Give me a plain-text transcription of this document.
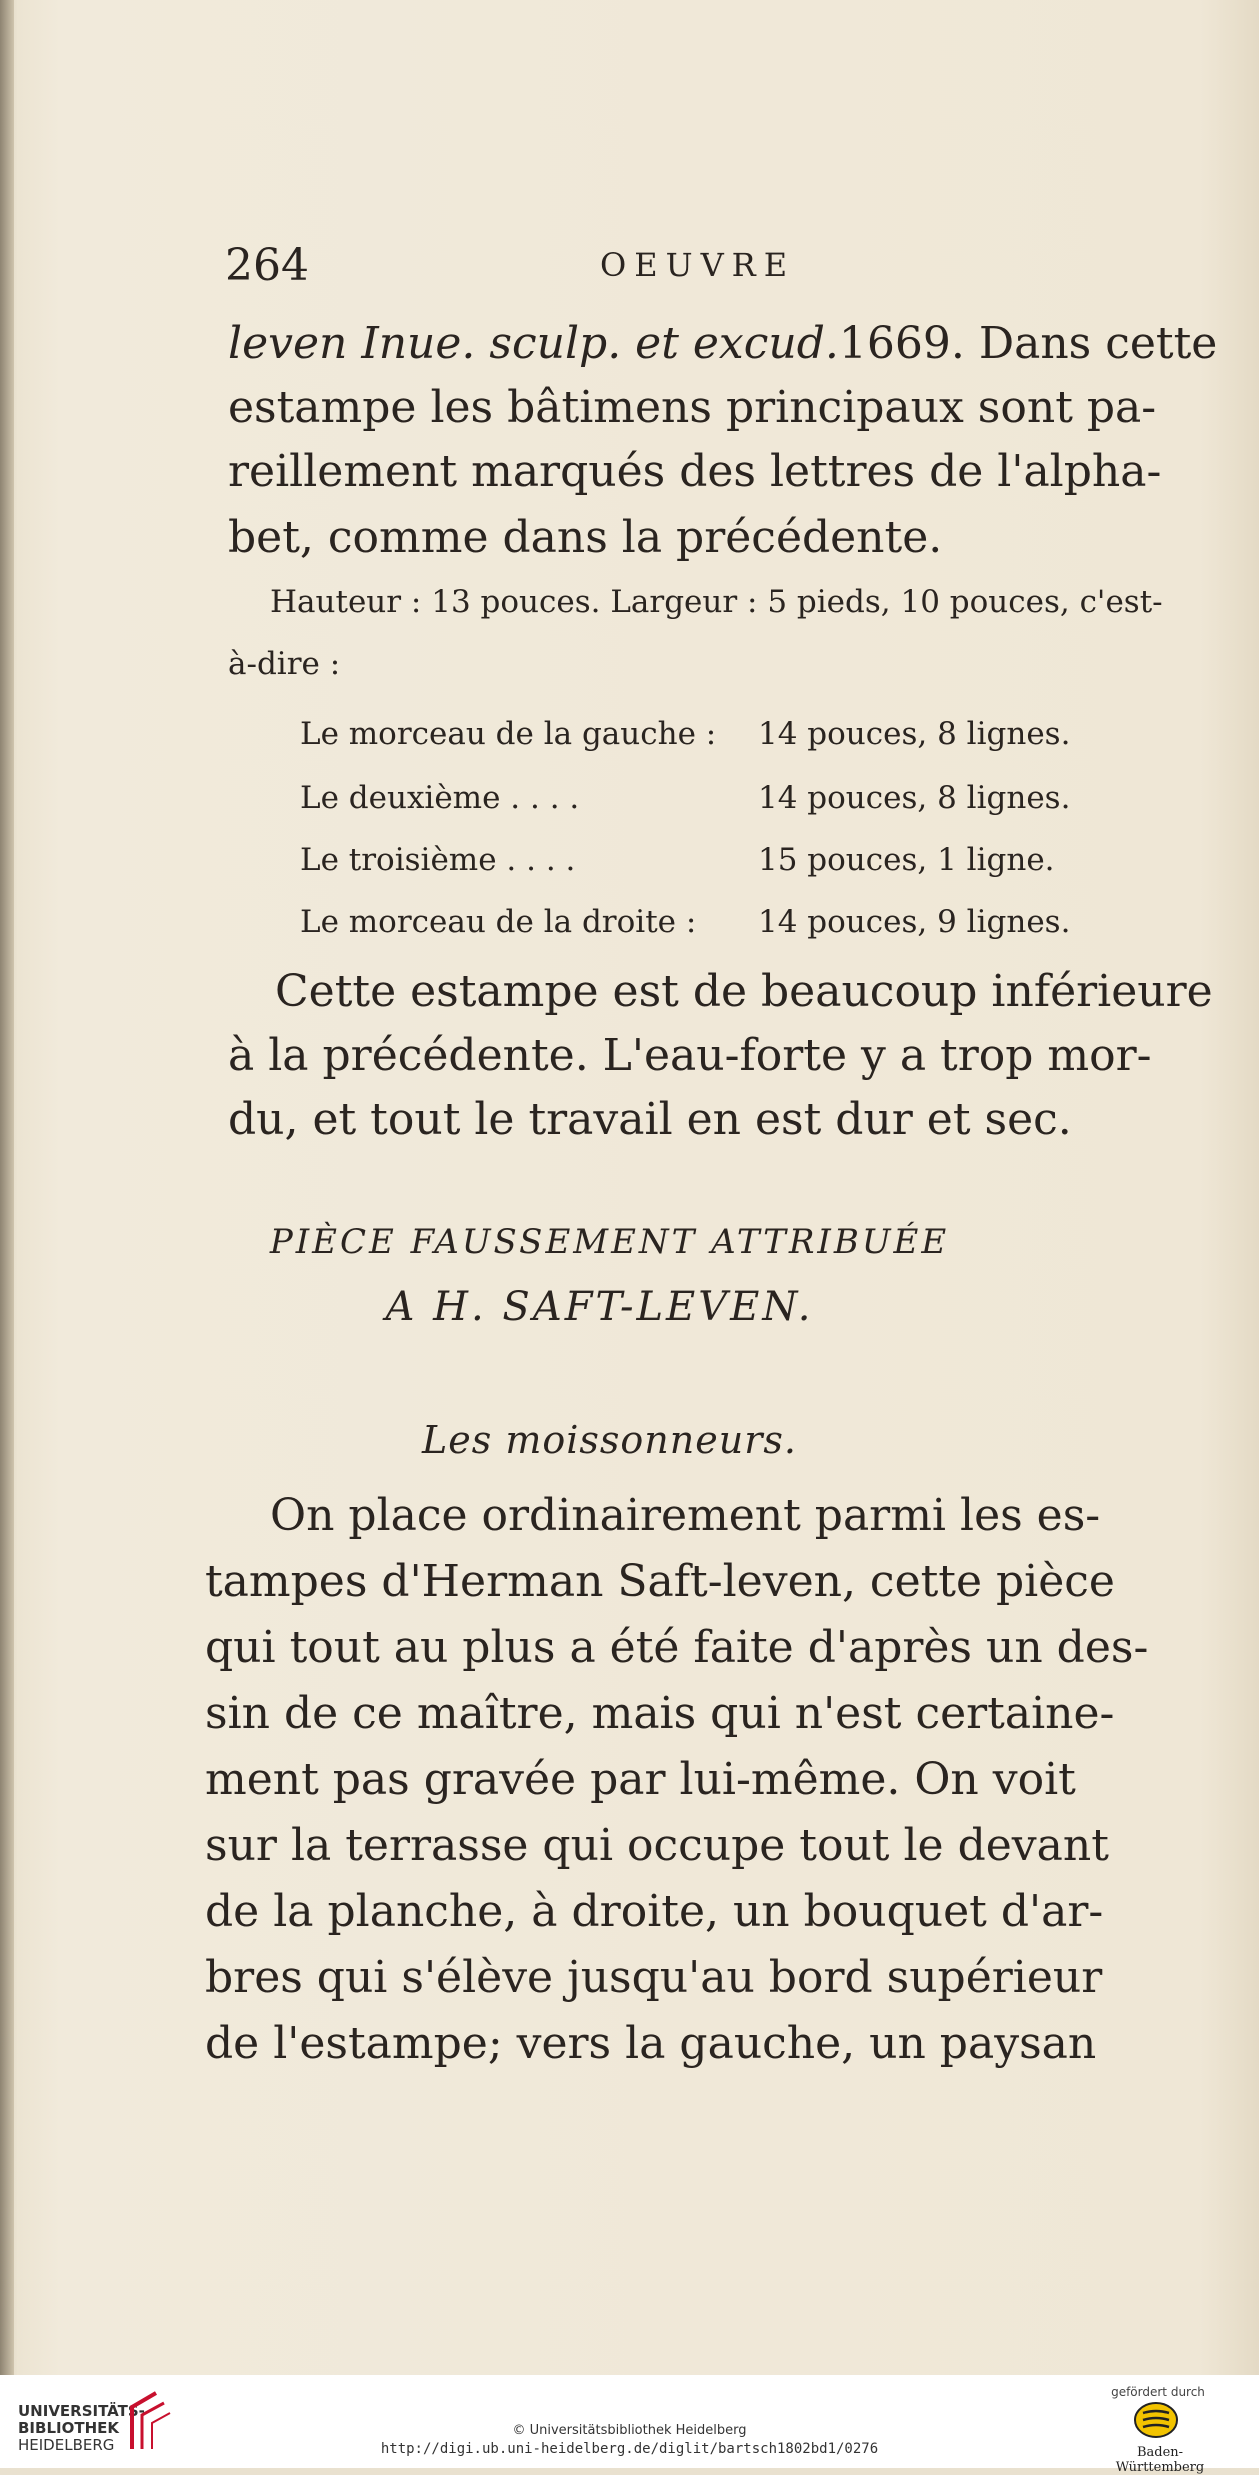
264	OEUVRE
leven Inue. sculp. et excud. 1669. Dans cette
estampe les bâtimens principaux sont pa-
reillement marqués des lettres de l'alpha-
bet, comme dans la précédente.
Hauteur : 13 pouces. Largeur : 5 pieds, 10 pouces, c'est-
à-dire :
Le morceau de la gauche : 14 pouces, 8 lignes.
Le deuxième . . . .	14 pouces, 8 lignes.
Le troisième . . . .	15 pouces, 1 ligne.
Le morceau de la droite : 14 pouces, 9 lignes.
Cette estampe est de beaucoup inférieure
à la précédente. L'eau-forte y a trop mor-
du, et tout le travail en est dur et sec.
PIÈCE FAUSSEMENT ATTRIBUÉE
A H. SAFT-LEVEN.
Les moissonneurs.
On place ordinairement parmi les es-
tampes d'Herman Saft-leven, cette pièce
qui tout au plus a été faite d'après un des-
sin de ce maître, mais qui n'est certaine-
ment pas gravée par lui-même. On voit
sur la terrasse qui occupe tout le devant
de la planche, à droite, un bouquet d'ar-
bres qui s'élève jusqu'au bord supérieur
de l'estampe; vers la gauche, un paysan
UNIVERSITÄTS-
BIBLIOTHEK
HEIDELBERG
© Universitätsbibliothek Heidelberg
http://digi.ub.uni-heidelberg.de/diglit/bartsch1802bd1/0276
gefördert durch
Baden-Württemberg
